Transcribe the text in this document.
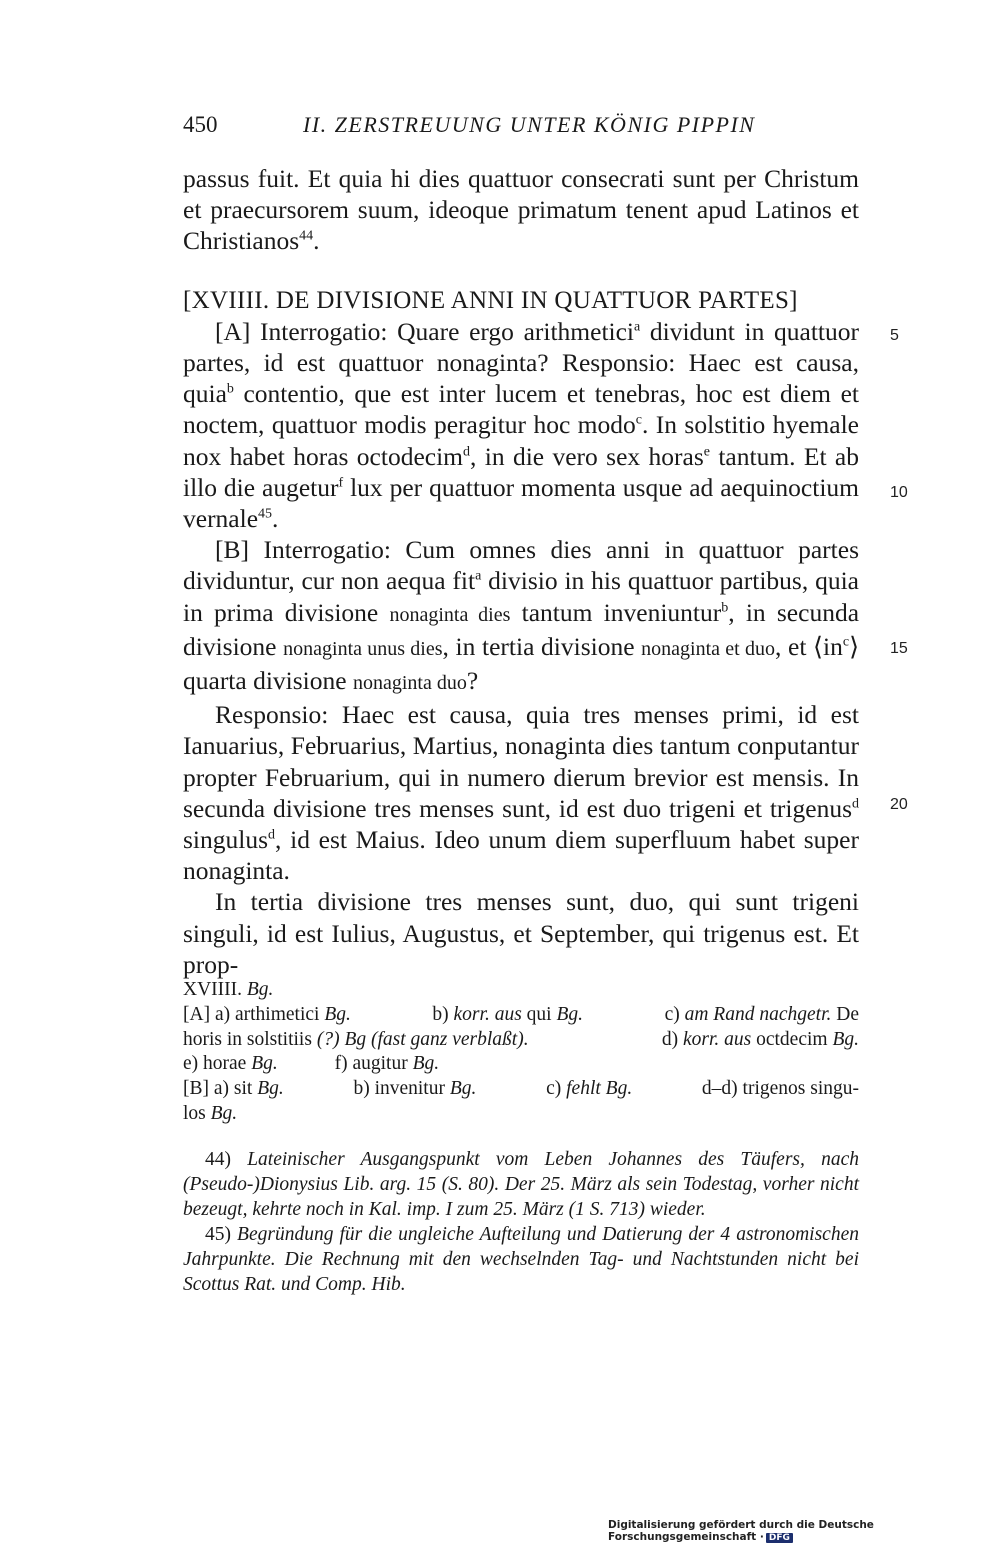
450	II. ZERSTREUUNG UNTER KÖNIG PIPPIN

passus fuit. Et quia hi dies quattuor consecrati sunt per Christum et praecursorem suum, ideoque primatum tenent apud Latinos et Christianos$^{44}$.

[XVIIII. DE DIVISIONE ANNI IN QUATTUOR PARTES]

[A] Interrogatio: Quare ergo arithmetici$^a$ dividunt in quattuor partes, id est quattuor nonaginta? Responsio: Haec est causa, quia$^b$ contentio, que est inter lucem et tenebras, hoc est diem et noctem, quattuor modis peragitur hoc modo$^c$. In solstitio hyemale nox habet horas octodecim$^d$, in die vero sex horas$^e$ tantum. Et ab illo die augetur$^f$ lux per quattuor momenta usque ad aequinoctium vernale$^{45}$.

[B] Interrogatio: Cum omnes dies anni in quattuor partes dividuntur, cur non aequa fit$^a$ divisio in his quattuor partibus, quia in prima divisione nonaginta dies tantum inveniuntur$^b$, in secunda divisione nonaginta unus dies, in tertia divisione nonaginta et duo, et $⟨in^c⟩$ quarta divisione nonaginta duo?

Responsio: Haec est causa, quia tres menses primi, id est Ianuarius, Februarius, Martius, nonaginta dies tantum conputantur propter Februarium, qui in numero dierum brevior est mensis. In secunda divisione tres menses sunt, id est duo trigeni et trigenus$^d$ singulus$^d$, id est Maius. Ideo unum diem superfluum habet super nonaginta.

In tertia divisione tres menses sunt, duo, qui sunt trigeni singuli, id est Iulius, Augustus, et September, qui trigenus est. Et prop-

5
10
15
20

XVIIII. Bg.

[A] a) arthimetici Bg.	b) korr. aus qui Bg.	c) am Rand nachgetr. De
horis in solstitiis (?) Bg (fast ganz verblaßt).	d) korr. aus octdecim Bg.
e) horae Bg.	f) augitur Bg.
[B] a) sit Bg.	b) invenitur Bg.	c) fehlt Bg.	d–d) trigenos singu-

los Bg.

44) Lateinischer Ausgangspunkt vom Leben Johannes des Täufers, nach (Pseudo-)Dionysius Lib. arg. 15 (S. 80). Der 25. März als sein Todestag, vorher nicht bezeugt, kehrte noch in Kal. imp. I zum 25. März (1 S. 713) wieder.

45) Begründung für die ungleiche Aufteilung und Datierung der 4 astronomischen Jahrpunkte. Die Rechnung mit den wechselnden Tag- und Nachtstunden nicht bei Scottus Rat. und Comp. Hib.

Digitalisierung gefördert durch die Deutsche Forschungsgemeinschaft · DFG
